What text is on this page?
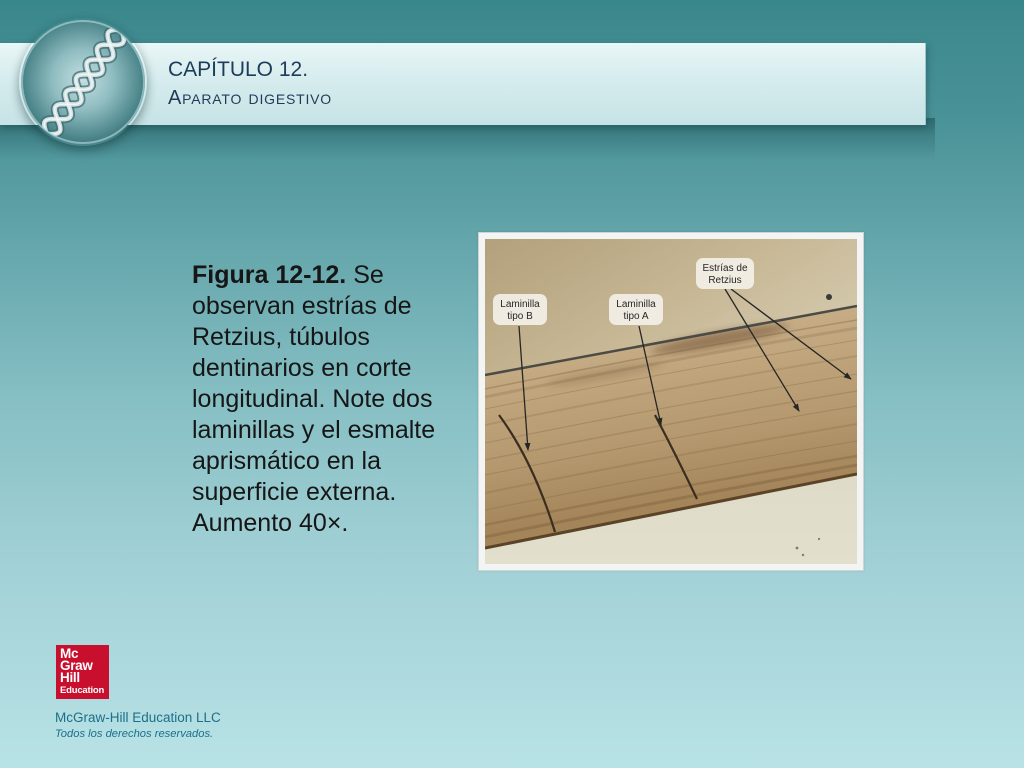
CAPÍTULO 12.
Aparato digestivo

Figura 12-12. Se observan estrías de Retzius, túbulos dentinarios en corte longitudinal. Note dos laminillas y el esmalte aprismático en la superficie externa. Aumento 40×.

Laminilla
tipo B
Laminilla
tipo A
Estrías de
Retzius
Mc
Graw
Hill
Education
McGraw-Hill Education LLC
Todos los derechos reservados.
